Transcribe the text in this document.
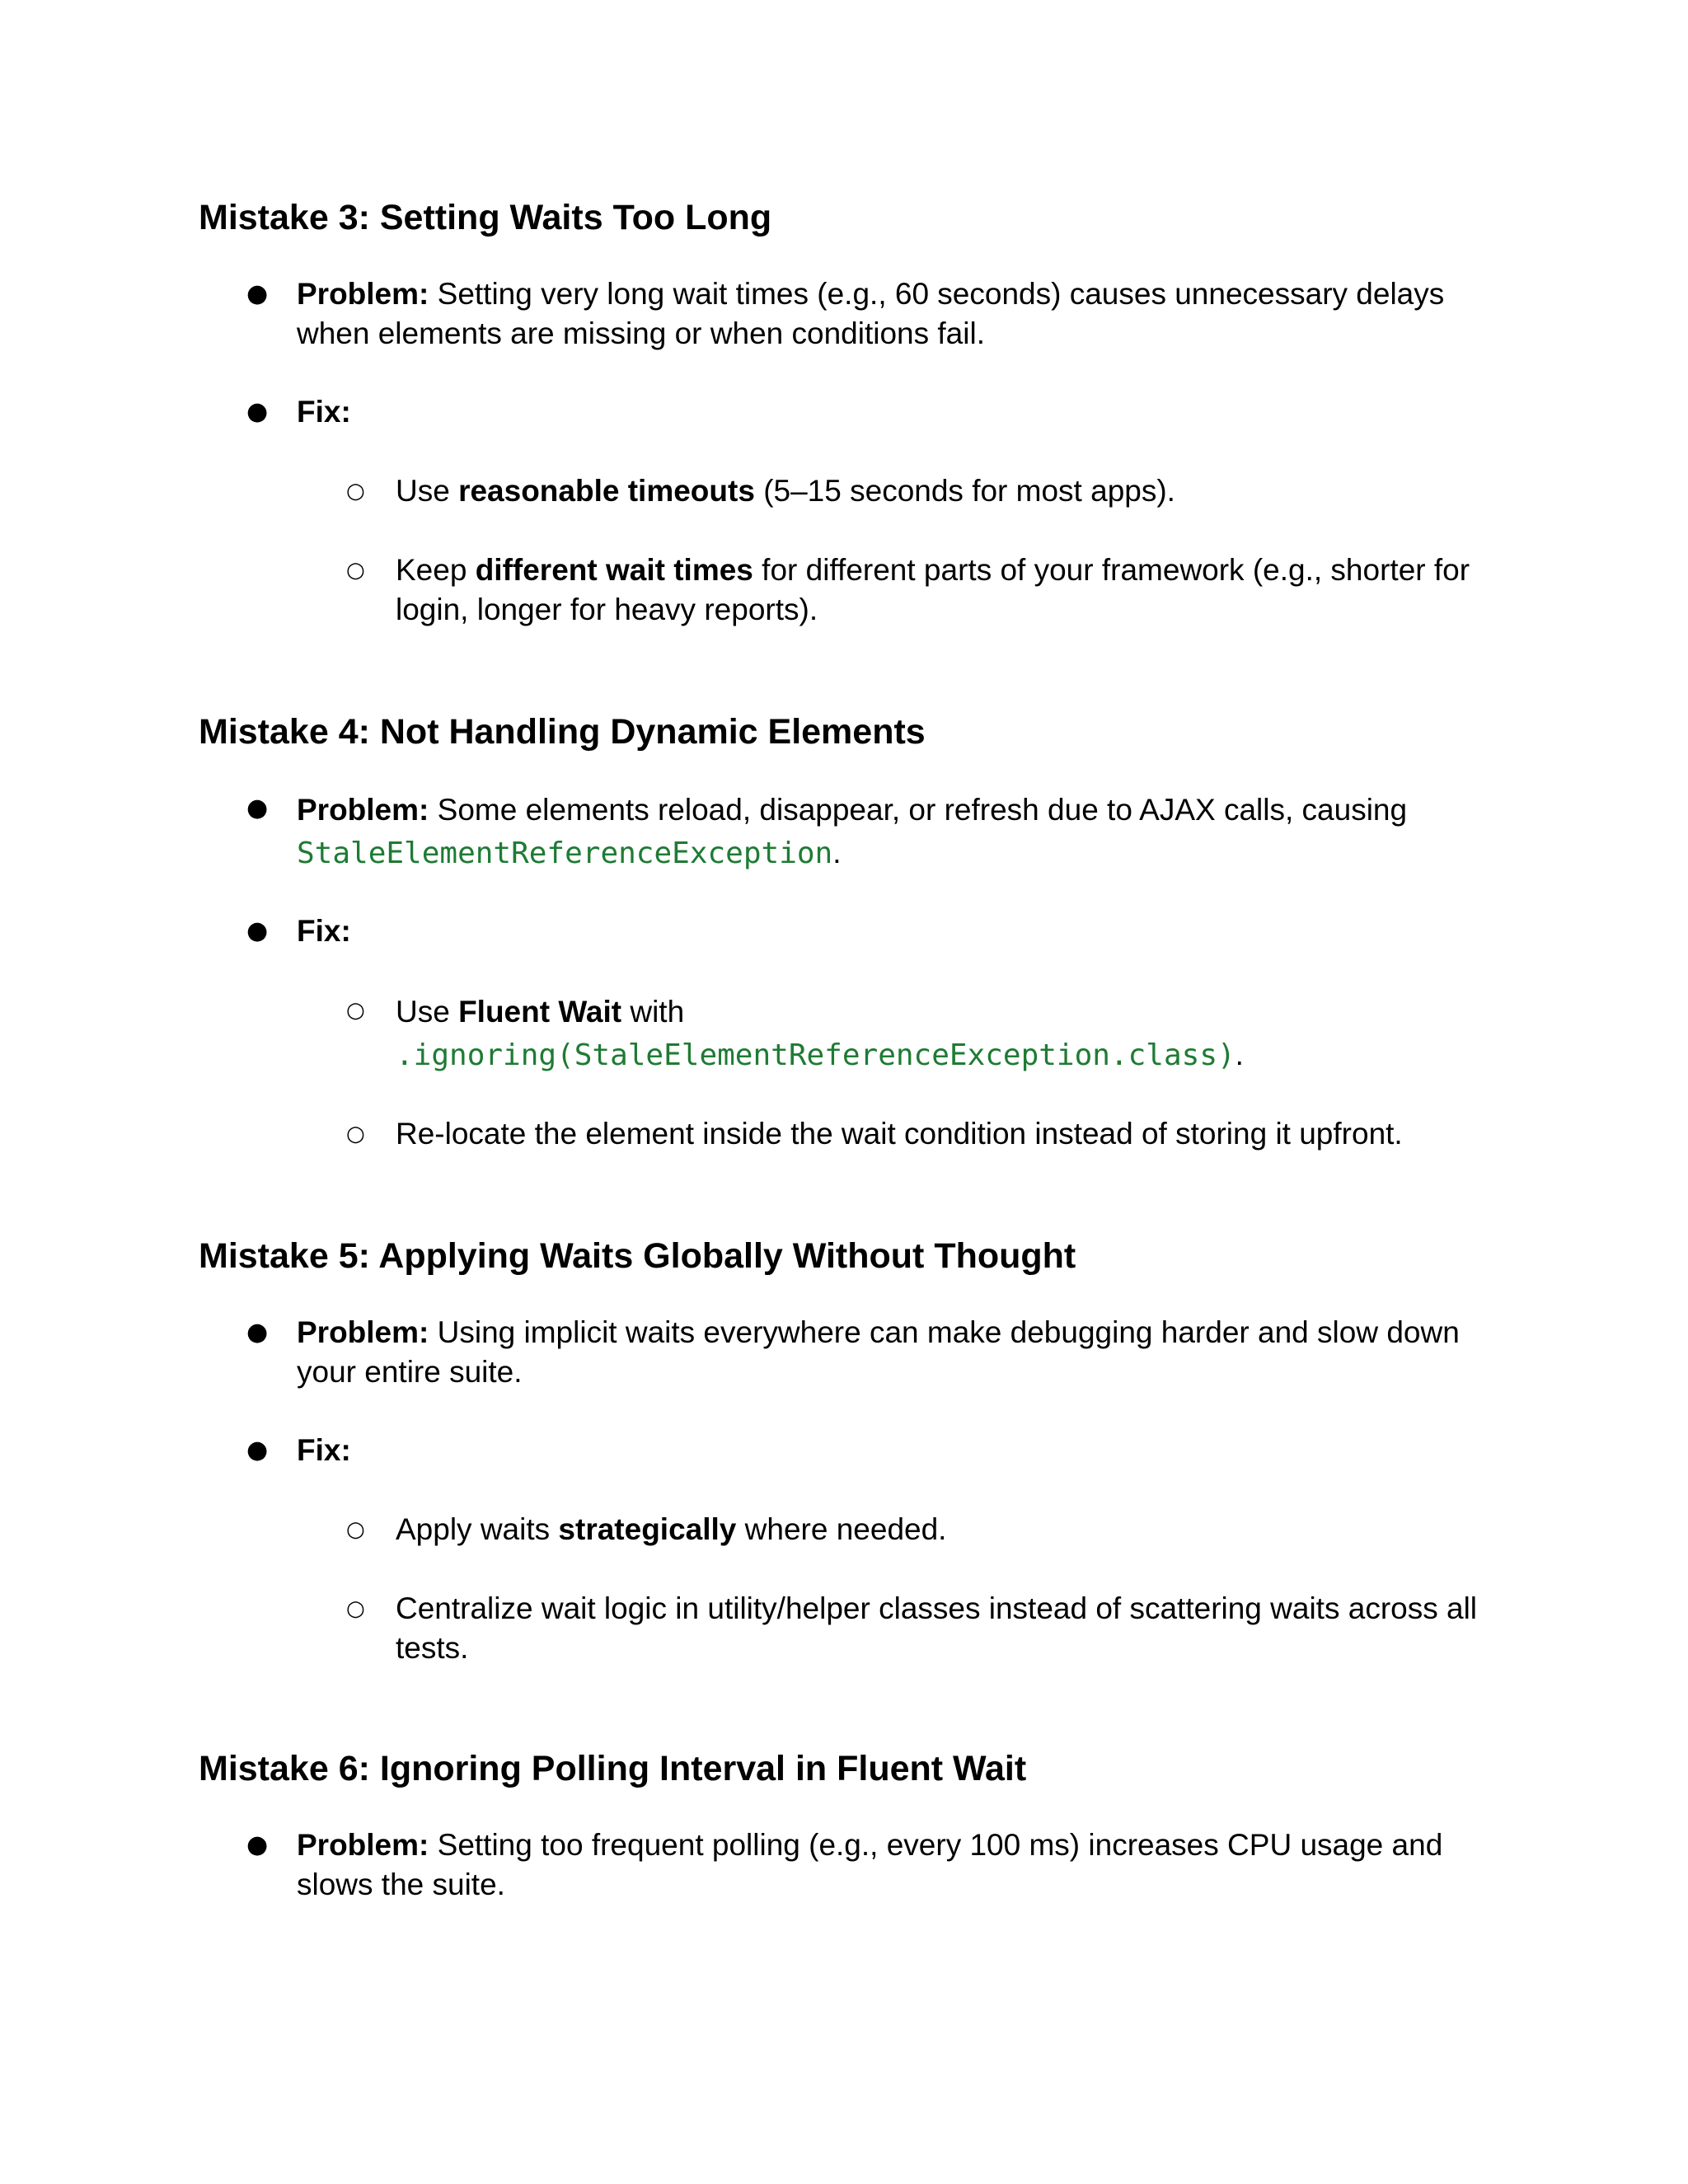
Mistake 3: Setting Waits Too Long
● Problem: Setting very long wait times (e.g., 60 seconds) causes unnecessary delays when elements are missing or when conditions fail.
● Fix:
○ Use reasonable timeouts (5–15 seconds for most apps).
○ Keep different wait times for different parts of your framework (e.g., shorter for login, longer for heavy reports).
Mistake 4: Not Handling Dynamic Elements
● Problem: Some elements reload, disappear, or refresh due to AJAX calls, causing
StaleElementReferenceException.
● Fix:
○ Use Fluent Wait with
.ignoring(StaleElementReferenceException.class).
○ Re-locate the element inside the wait condition instead of storing it upfront.
Mistake 5: Applying Waits Globally Without Thought
● Problem: Using implicit waits everywhere can make debugging harder and slow down your entire suite.
● Fix:
○ Apply waits strategically where needed.
○ Centralize wait logic in utility/helper classes instead of scattering waits across all tests.
Mistake 6: Ignoring Polling Interval in Fluent Wait
● Problem: Setting too frequent polling (e.g., every 100 ms) increases CPU usage and slows the suite.
